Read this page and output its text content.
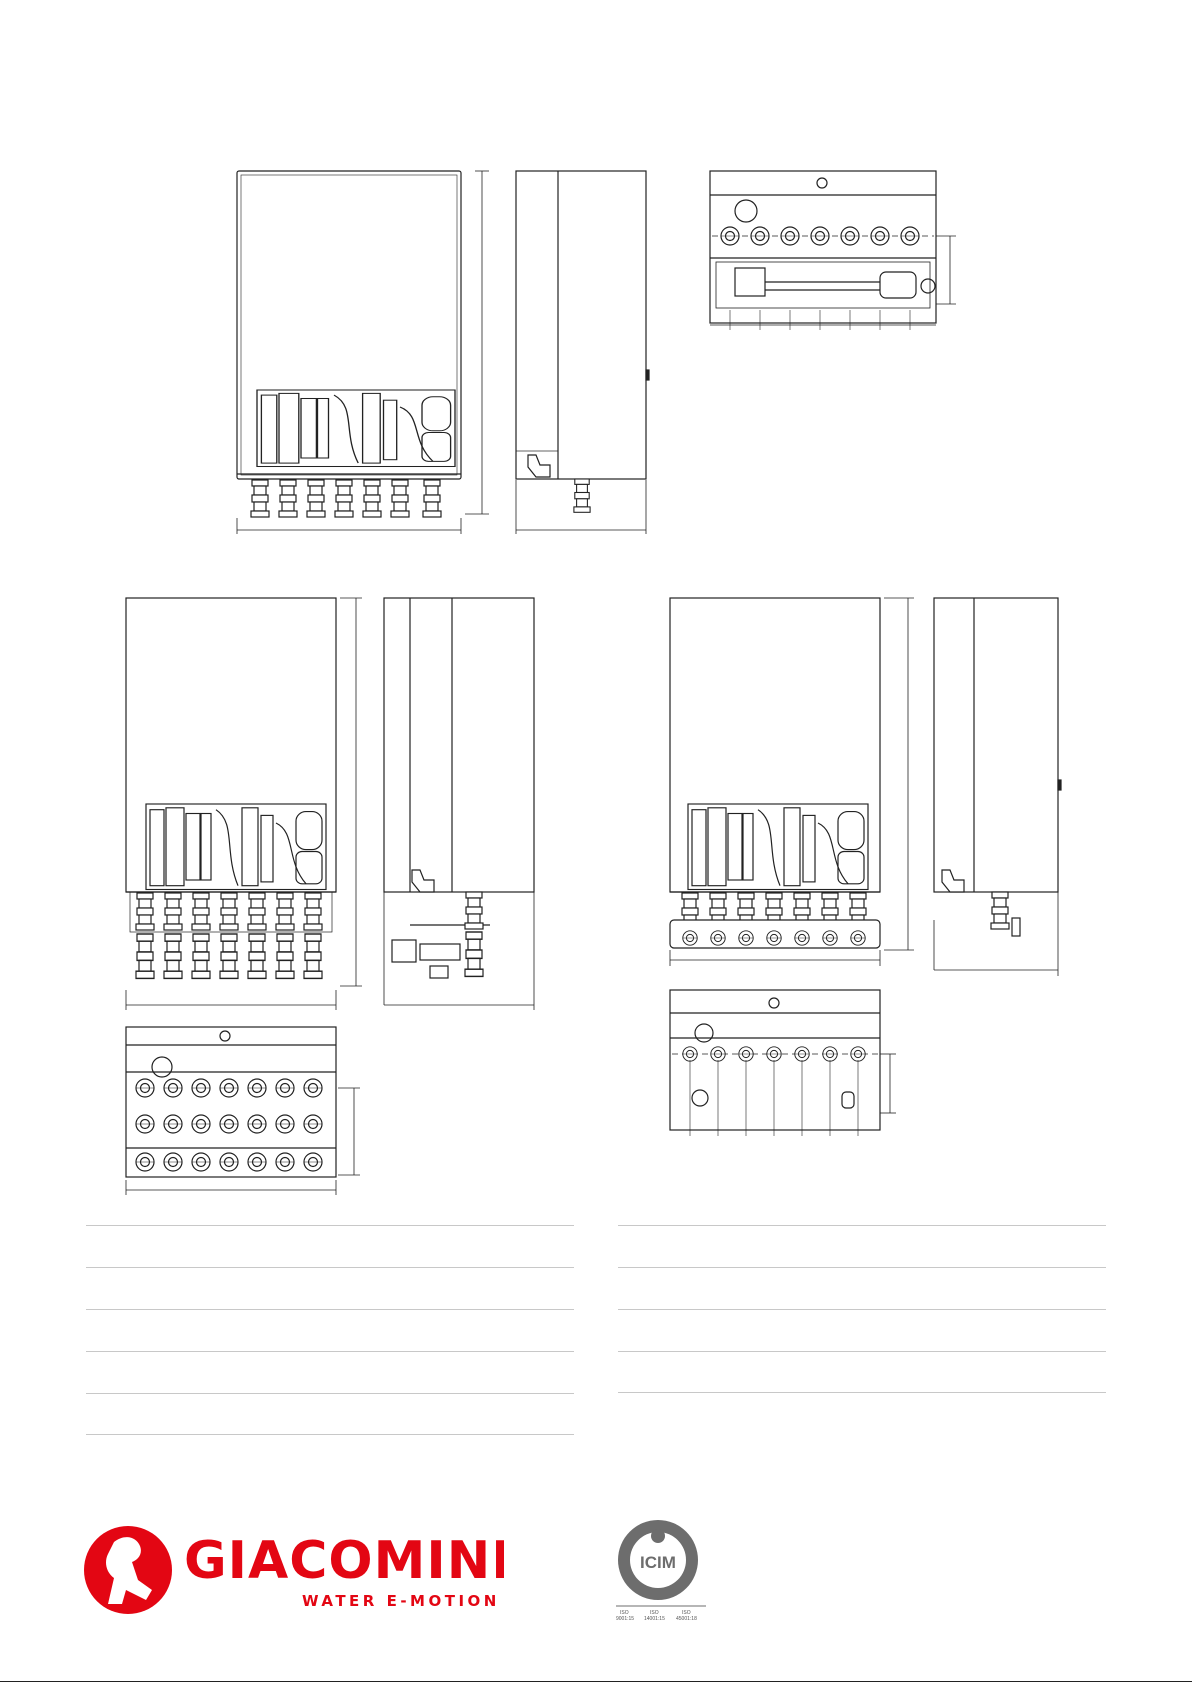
GIACOMINI
WATER E-MOTION
ICIM
ISO
9001:15
ISO
14001:15
ISO
45001:18
